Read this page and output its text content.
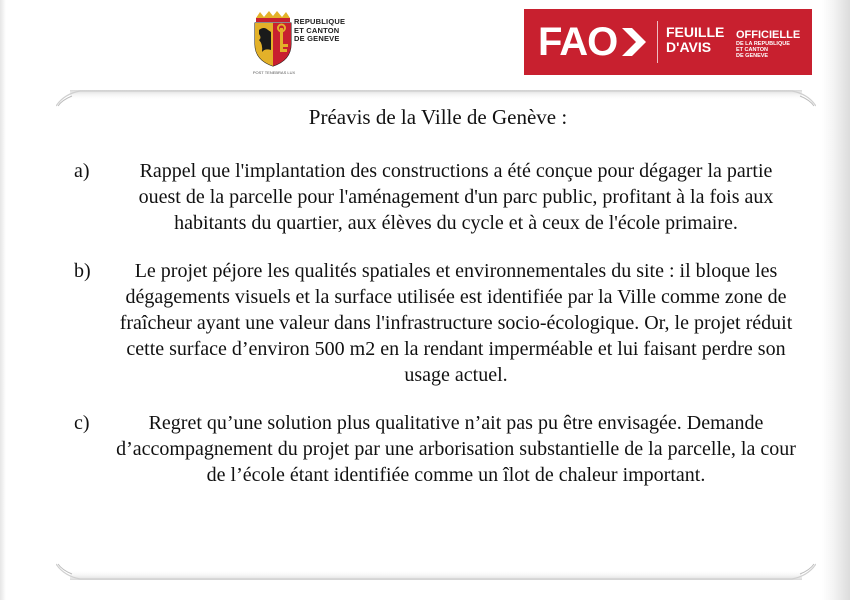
REPUBLIQUE
ET CANTON
DE GENEVE
POST TENEBRAS LUX
FAO	FEUILLE
D'AVIS
OFFICIELLE
DE LA REPUBLIQUE
ET CANTON
DE GENEVE
Préavis de la Ville de Genève :
a)	Rappel que l'implantation des constructions a été conçue pour dégager la partie ouest de la parcelle pour l'aménagement d'un parc public, profitant à la fois aux habitants du quartier, aux élèves du cycle et à ceux de l'école primaire.
b)	Le projet péjore les qualités spatiales et environnementales du site : il bloque les dégagements visuels et la surface utilisée est identifiée par la Ville comme zone de fraîcheur ayant une valeur dans l'infrastructure socio-écologique. Or, le projet réduit cette surface d’environ 500 m2 en la rendant imperméable et lui faisant perdre son usage actuel.
c)	Regret qu’une solution plus qualitative n’ait pas pu être envisagée. Demande d’accompagnement du projet par une arborisation substantielle de la parcelle, la cour de l’école étant identifiée comme un îlot de chaleur important.
